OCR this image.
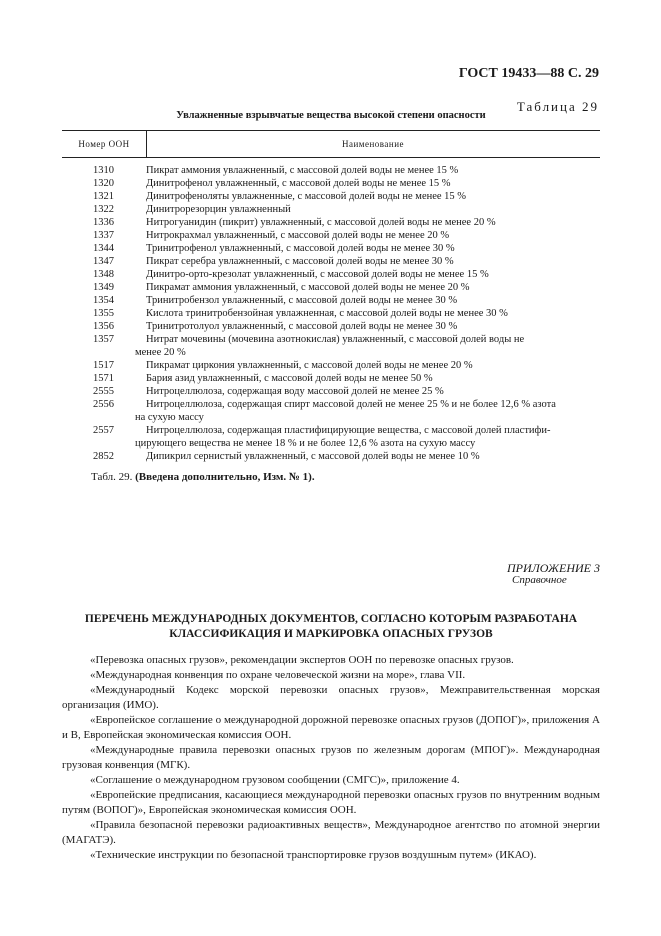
ГОСТ 19433—88 С. 29
Таблица 29
Увлажненные взрывчатые вещества высокой степени опасности
Номер ООН	Наименование
1310	Пикрат аммония увлажненный, с массовой долей воды не менее 15 %
1320	Динитрофенол увлажненный, с массовой долей воды не менее 15 %
1321	Динитрофеноляты увлажненные, с массовой долей воды не менее 15 %
1322	Динитрорезорцин увлажненный
1336	Нитрогуанидин (пикрит) увлажненный, с массовой долей воды не менее 20 %
1337	Нитрокрахмал увлажненный, с массовой долей воды не менее 20 %
1344	Тринитрофенол увлажненный, с массовой долей воды не менее 30 %
1347	Пикрат серебра увлажненный, с массовой долей воды не менее 30 %
1348	Динитро-орто-крезолат увлажненный, с массовой долей воды не менее 15 %
1349	Пикрамат аммония увлажненный, с массовой долей воды не менее 20 %
1354	Тринитробензол увлажненный, с массовой долей воды не менее 30 %
1355	Кислота тринитробензойная увлажненная, с массовой долей воды не менее 30 %
1356	Тринитротолуол увлажненный, с массовой долей воды не менее 30 %
1357	Нитрат мочевины (мочевина азотнокислая) увлажненный, с массовой долей воды не
менее 20 %
1517	Пикрамат циркония увлажненный, с массовой долей воды не менее 20 %
1571	Бария азид увлажненный, с массовой долей воды не менее 50 %
2555	Нитроцеллюлоза, содержащая воду массовой долей не менее 25 %
2556	Нитроцеллюлоза, содержащая спирт массовой долей не менее 25 % и не более 12,6 % азота
на сухую массу
2557	Нитроцеллюлоза, содержащая пластифицирующие вещества, с массовой долей пластифи-
цирующего вещества не менее 18 % и не более 12,6 % азота на сухую массу
2852	Дипикрил сернистый увлажненный, с массовой долей воды не менее 10 %
Табл. 29. (Введена дополнительно, Изм. № 1).
ПРИЛОЖЕНИЕ 3
Справочное
ПЕРЕЧЕНЬ МЕЖДУНАРОДНЫХ ДОКУМЕНТОВ, СОГЛАСНО КОТОРЫМ РАЗРАБОТАНА
КЛАССИФИКАЦИЯ И МАРКИРОВКА ОПАСНЫХ ГРУЗОВ

«Перевозка опасных грузов», рекомендации экспертов ООН по перевозке опасных грузов.

«Международная конвенция по охране человеческой жизни на море», глава VII.

«Международный Кодекс морской перевозки опасных грузов», Межправительственная морская организация (ИМО).

«Европейское соглашение о международной дорожной перевозке опасных грузов (ДОПОГ)», приложения А и В, Европейская экономическая комиссия ООН.

«Международные правила перевозки опасных грузов по железным дорогам (МПОГ)». Международная грузовая конвенция (МГК).

«Соглашение о международном грузовом сообщении (СМГС)», приложение 4.

«Европейские предписания, касающиеся международной перевозки опасных грузов по внутренним водным путям (ВОПОГ)», Европейская экономическая комиссия ООН.

«Правила безопасной перевозки радиоактивных веществ», Международное агентство по атомной энергии (МАГАТЭ).

«Технические инструкции по безопасной транспортировке грузов воздушным путем» (ИКАО).
